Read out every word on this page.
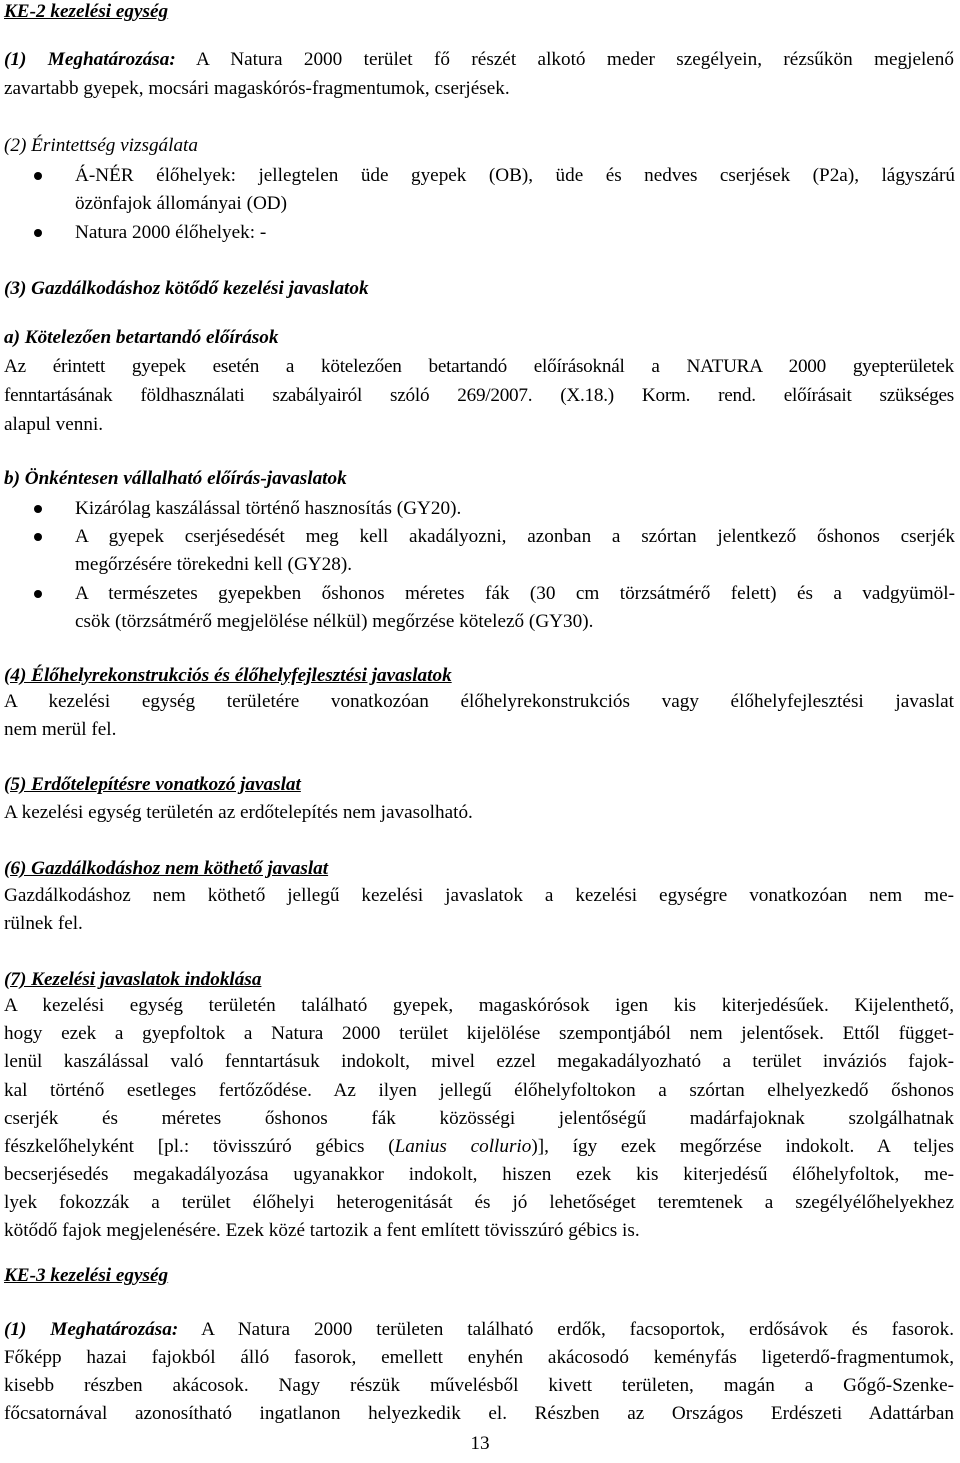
KE-2 kezelési egység
(1) Meghatározása: A Natura 2000 terület fő részét alkotó meder szegélyein, rézsűkön megjelenő
zavartabb gyepek, mocsári magaskórós-fragmentumok, cserjések.
(2) Érintettség vizsgálata
Á-NÉR élőhelyek: jellegtelen üde gyepek (OB), üde és nedves cserjések (P2a), lágyszárú
özönfajok állományai (OD)
Natura 2000 élőhelyek: -
(3) Gazdálkodáshoz kötődő kezelési javaslatok
a) Kötelezően betartandó előírások
Az érintett gyepek esetén a kötelezően betartandó előírásoknál a NATURA 2000 gyepterületek
fenntartásának földhasználati szabályairól szóló 269/2007. (X.18.) Korm. rend. előírásait szükséges
alapul venni.
b) Önkéntesen vállalható előírás-javaslatok
Kizárólag kaszálással történő hasznosítás (GY20).
A gyepek cserjésedését meg kell akadályozni, azonban a szórtan jelentkező őshonos cserjék
megőrzésére törekedni kell (GY28).
A természetes gyepekben őshonos méretes fák (30 cm törzsátmérő felett) és a vadgyümöl-
csök (törzsátmérő megjelölése nélkül) megőrzése kötelező (GY30).
(4) Élőhelyrekonstrukciós és élőhelyfejlesztési javaslatok
A kezelési egység területére vonatkozóan élőhelyrekonstrukciós vagy élőhelyfejlesztési javaslat
nem merül fel.
(5) Erdőtelepítésre vonatkozó javaslat
A kezelési egység területén az erdőtelepítés nem javasolható.
(6) Gazdálkodáshoz nem köthető javaslat
Gazdálkodáshoz nem köthető jellegű kezelési javaslatok a kezelési egységre vonatkozóan nem me-
rülnek fel.
(7) Kezelési javaslatok indoklása
A kezelési egység területén található gyepek, magaskórósok igen kis kiterjedésűek. Kijelenthető,
hogy ezek a gyepfoltok a Natura 2000 terület kijelölése szempontjából nem jelentősek. Ettől függet-
lenül kaszálással való fenntartásuk indokolt, mivel ezzel megakadályozható a terület inváziós fajok-
kal történő esetleges fertőződése. Az ilyen jellegű élőhelyfoltokon a szórtan elhelyezkedő őshonos
cserjék és méretes őshonos fák közösségi jelentőségű madárfajoknak szolgálhatnak
fészkelőhelyként [pl.: tövisszúró gébics (Lanius collurio)], így ezek megőrzése indokolt. A teljes
becserjésedés megakadályozása ugyanakkor indokolt, hiszen ezek kis kiterjedésű élőhelyfoltok, me-
lyek fokozzák a terület élőhelyi heterogenitását és jó lehetőséget teremtenek a szegélyélőhelyekhez
kötődő fajok megjelenésére. Ezek közé tartozik a fent említett tövisszúró gébics is.
KE-3 kezelési egység
(1) Meghatározása: A Natura 2000 területen található erdők, facsoportok, erdősávok és fasorok.
Főképp hazai fajokból álló fasorok, emellett enyhén akácosodó keményfás ligeterdő-fragmentumok,
kisebb részben akácosok. Nagy részük művelésből kivett területen, magán a Gőgő-Szenke-
főcsatornával azonosítható ingatlanon helyezkedik el. Részben az Országos Erdészeti Adattárban
13
